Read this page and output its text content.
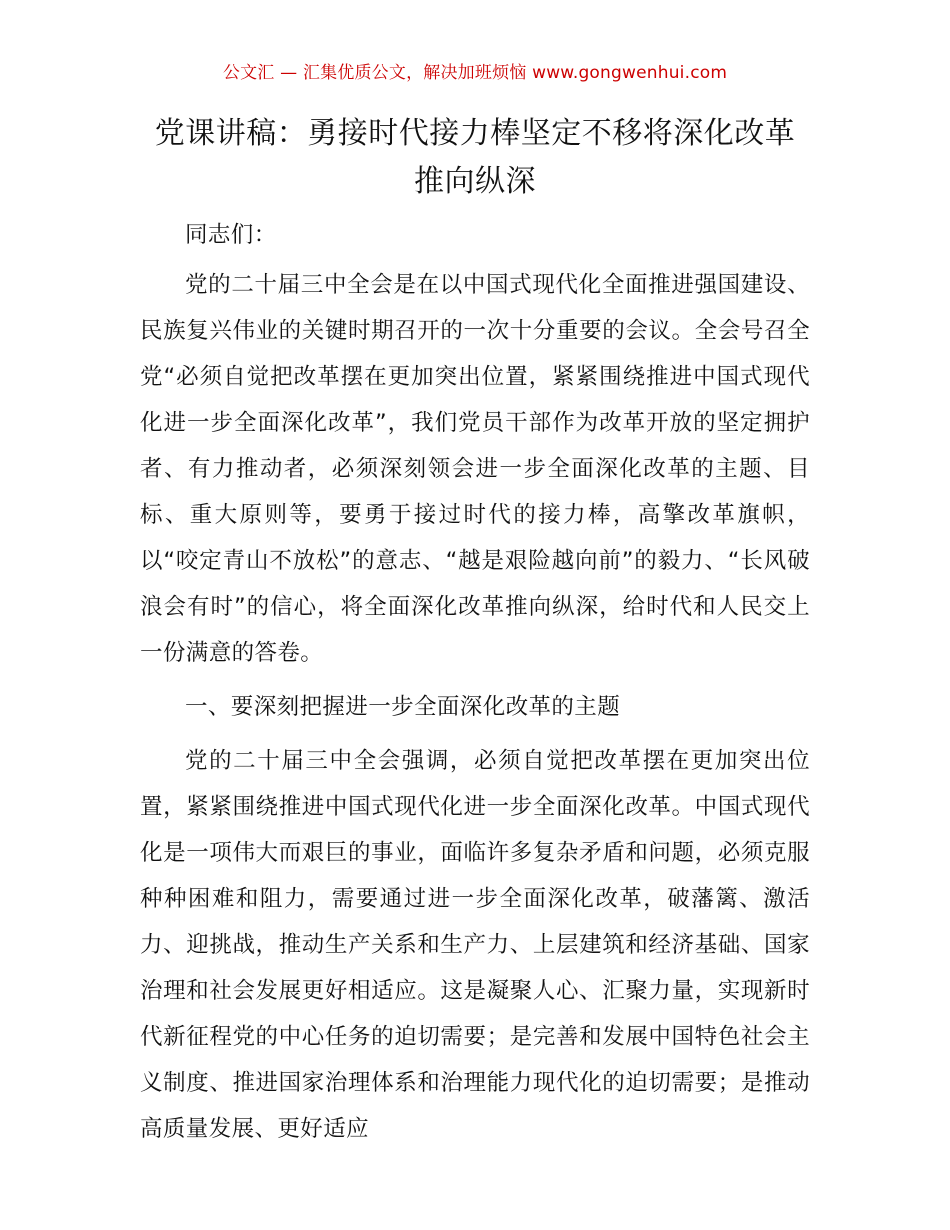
公文汇 — 汇集优质公文，解决加班烦恼 www.gongwenhui.com
党课讲稿：勇接时代接力棒坚定不移将深化改革推向纵深

同志们：

党的二十届三中全会是在以中国式现代化全面推进强国建设、民族复兴伟业的关键时期召开的一次十分重要的会议。全会号召全党“必须自觉把改革摆在更加突出位置，紧紧围绕推进中国式现代化进一步全面深化改革”，我们党员干部作为改革开放的坚定拥护者、有力推动者，必须深刻领会进一步全面深化改革的主题、目标、重大原则等，要勇于接过时代的接力棒，高擎改革旗帜，以“咬定青山不放松”的意志、“越是艰险越向前”的毅力、“长风破浪会有时”的信心，将全面深化改革推向纵深，给时代和人民交上一份满意的答卷。

一、要深刻把握进一步全面深化改革的主题

党的二十届三中全会强调，必须自觉把改革摆在更加突出位置，紧紧围绕推进中国式现代化进一步全面深化改革。中国式现代化是一项伟大而艰巨的事业，面临许多复杂矛盾和问题，必须克服种种困难和阻力，需要通过进一步全面深化改革，破藩篱、激活力、迎挑战，推动生产关系和生产力、上层建筑和经济基础、国家治理和社会发展更好相适应。这是凝聚人心、汇聚力量，实现新时代新征程党的中心任务的迫切需要；是完善和发展中国特色社会主义制度、推进国家治理体系和治理能力现代化的迫切需要；是推动高质量发展、更好适应
